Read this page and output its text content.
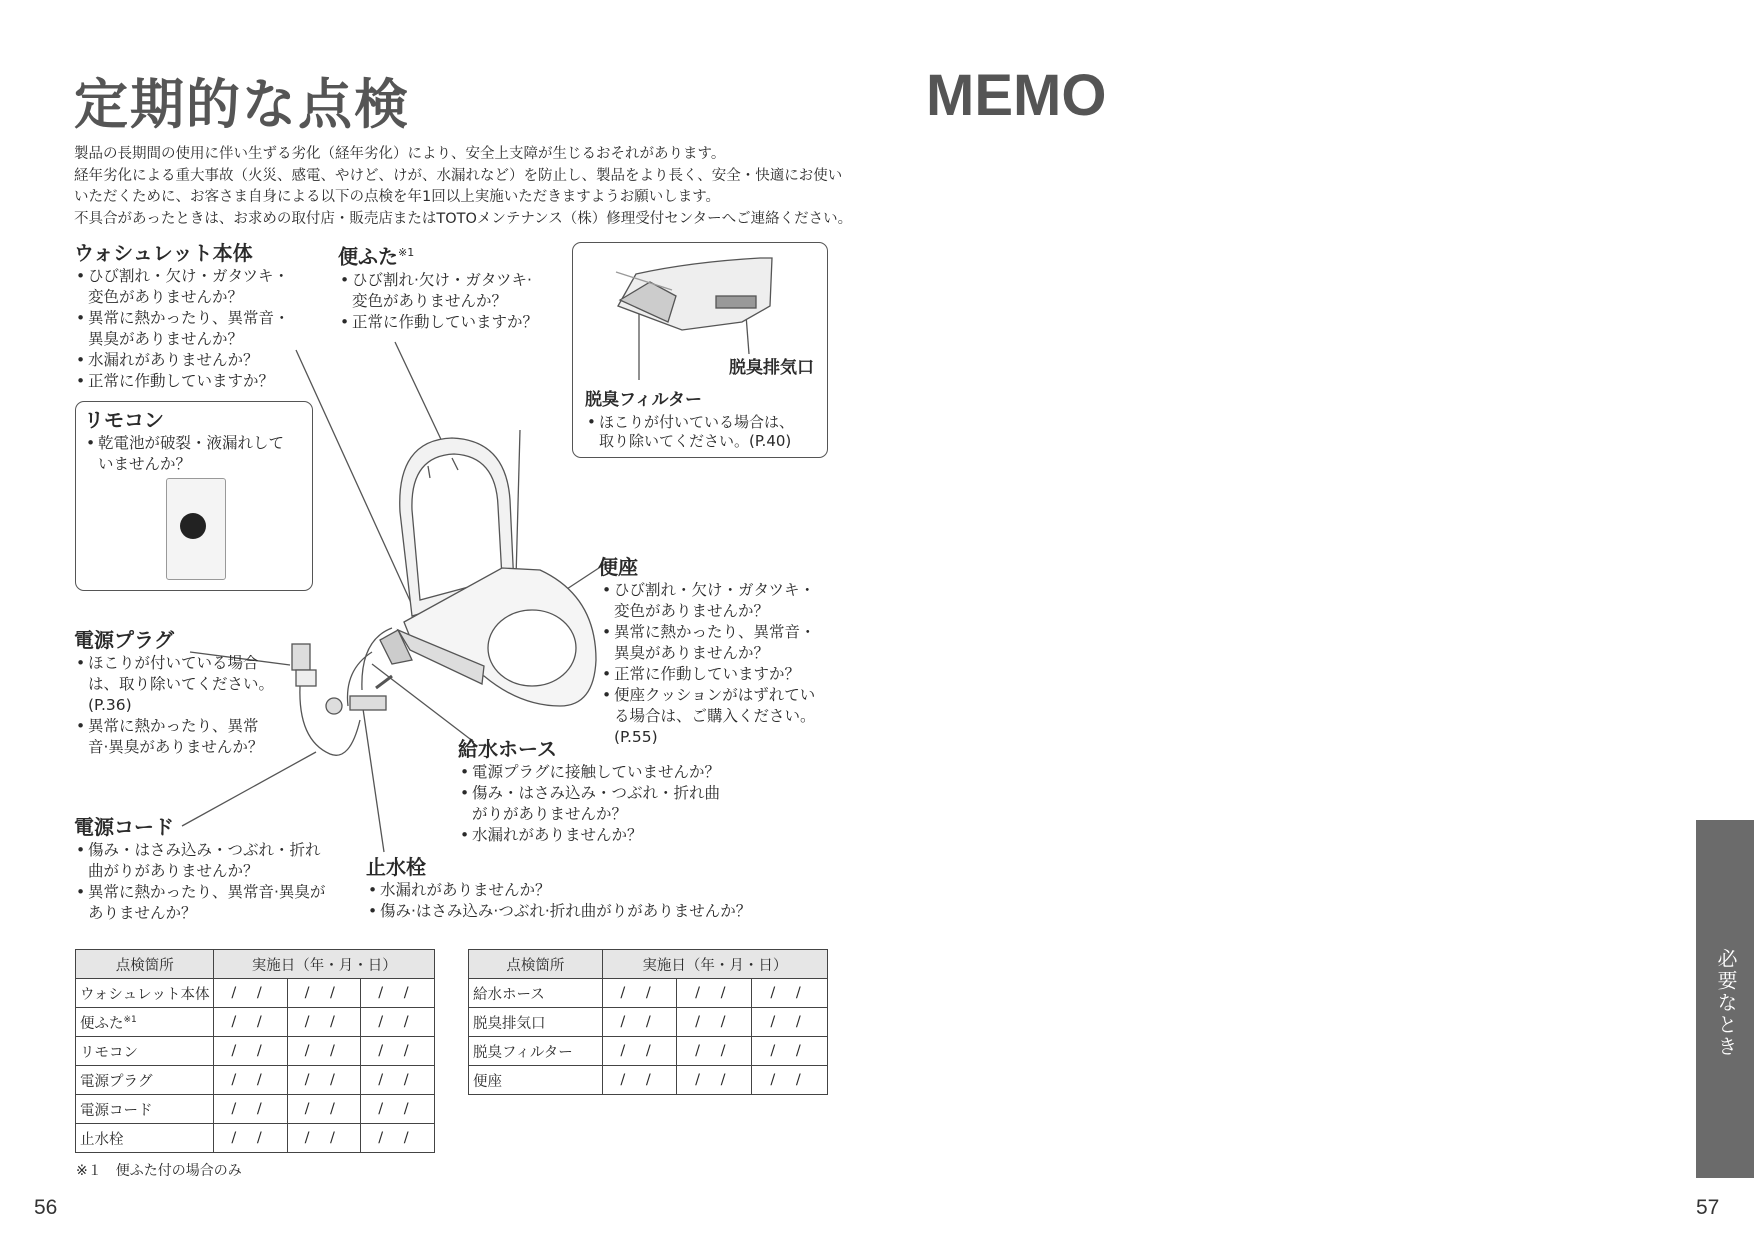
定期的な点検	MEMO

製品の長期間の使用に伴い生ずる劣化（経年劣化）により、安全上支障が生じるおそれがあります。

経年劣化による重大事故（火災、感電、やけど、けが、水漏れなど）を防止し、製品をより長く、安全・快適にお使い

いただくために、お客さま自身による以下の点検を年1回以上実施いただきますようお願いします。

不具合があったときは、お求めの取付店・販売店またはTOTOメンテナンス（株）修理受付センターへご連絡ください。

ウォシュレット本体
• ひび割れ・欠け・ガタツキ・
変色がありませんか？
• 異常に熱かったり、異常音・
異臭がありませんか？
• 水漏れがありませんか？
• 正常に作動していますか？
便ふた$^{※1}$
• ひび割れ·欠け・ガタツキ·
変色がありませんか？
• 正常に作動していますか？
リモコン
• 乾電池が破裂・液漏れして
いませんか？
脱臭排気口
脱臭フィルター
• ほこりが付いている場合は、
取り除いてください。(P.40)
便座
• ひび割れ・欠け・ガタツキ・
変色がありませんか？
• 異常に熱かったり、異常音・
異臭がありませんか？
• 正常に作動していますか？
• 便座クッションがはずれてい
る場合は、ご購入ください。
(P.55)
電源プラグ
• ほこりが付いている場合
は、取り除いてください。
(P.36)
• 異常に熱かったり、異常
音·異臭がありませんか？	給水ホース
• 電源プラグに接触していませんか？
• 傷み・はさみ込み・つぶれ・折れ曲
がりがありませんか？
• 水漏れがありませんか？
電源コード
• 傷み・はさみ込み・つぶれ・折れ
曲がりがありませんか？
• 異常に熱かったり、異常音·異臭が
ありませんか？
止水栓
• 水漏れがありませんか？
• 傷み·はさみ込み·つぶれ·折れ曲がりがありませんか？
点検箇所	実施日（年・月・日）		
ウォシュレット本体	/ /	/ /	/ /
便ふた$^{※1}$	/ /	/ /	/ /
リモコン	/ /	/ /	/ /
電源プラグ	/ /	/ /	/ /
電源コード	/ /	/ /	/ /
止水栓	/ /	/ /	/ /
点検箇所	実施日（年・月・日）		
給水ホース	/ /	/ /	/ /
脱臭排気口	/ /	/ /	/ /
脱臭フィルター	/ /	/ /	/ /
便座	/ /	/ /	/ /
※１　便ふた付の場合のみ
56	57
必要なとき
